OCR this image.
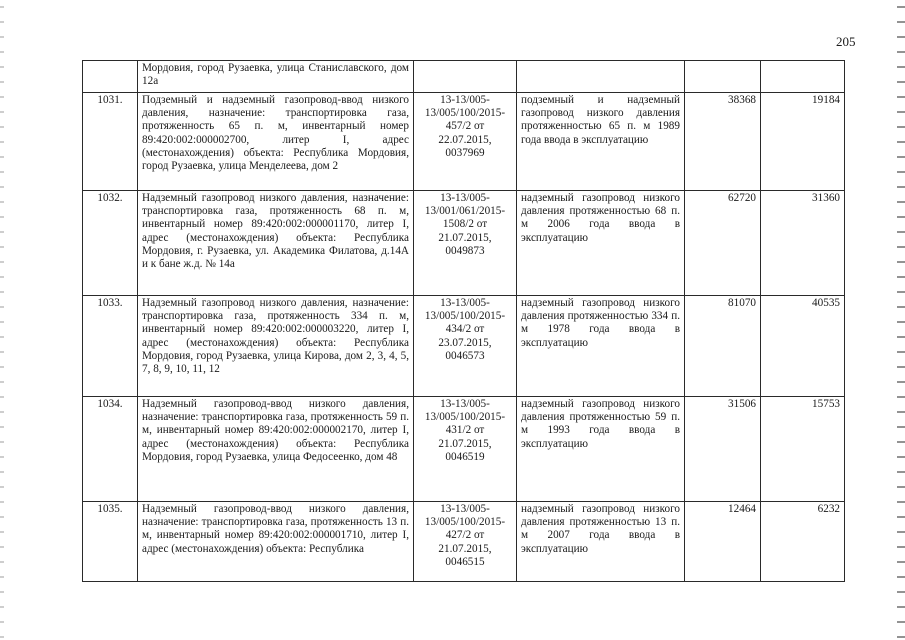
205
	Мордовия, город Рузаевка, улица Станиславского, дом 12а				
1031.	Подземный и надземный газопровод-ввод низкого давления, назначение: транспортировка газа, протяженность 65 п. м, инвентарный номер 89:420:002:000002700, литер I, адрес (местонахождения) объекта: Республика Мордовия, город Рузаевка, улица Менделеева, дом 2	13-13/005-13/005/100/2015-457/2 от 22.07.2015, 0037969	подземный и надземный газопровод низкого давления протяженностью 65 п. м 1989 года ввода в эксплуатацию	38368	19184
1032.	Надземный газопровод низкого давления, назначение: транспортировка газа, протяженность 68 п. м, инвентарный номер 89:420:002:000001170, литер I, адрес (местонахождения) объекта: Республика Мордовия, г. Рузаевка, ул. Академика Филатова, д.14А и к бане ж.д. № 14а	13-13/005-13/001/061/2015-1508/2 от 21.07.2015, 0049873	надземный газопровод низкого давления протяженностью 68 п. м 2006 года ввода в эксплуатацию	62720	31360
1033.	Надземный газопровод низкого давления, назначение: транспортировка газа, протяженность 334 п. м, инвентарный номер 89:420:002:000003220, литер I, адрес (местонахождения) объекта: Республика Мордовия, город Рузаевка, улица Кирова, дом 2, 3, 4, 5, 7, 8, 9, 10, 11, 12	13-13/005-13/005/100/2015-434/2 от 23.07.2015, 0046573	надземный газопровод низкого давления протяженностью 334 п. м 1978 года ввода в эксплуатацию	81070	40535
1034.	Надземный газопровод-ввод низкого давления, назначение: транспортировка газа, протяженность 59 п. м, инвентарный номер 89:420:002:000002170, литер I, адрес (местонахождения) объекта: Республика Мордовия, город Рузаевка, улица Федосеенко, дом 48	13-13/005-13/005/100/2015-431/2 от 21.07.2015, 0046519	надземный газопровод низкого давления протяженностью 59 п. м 1993 года ввода в эксплуатацию	31506	15753
1035.	Надземный газопровод-ввод низкого давления, назначение: транспортировка газа, протяженность 13 п. м, инвентарный номер 89:420:002:000001710, литер I, адрес (местонахождения) объекта: Республика	13-13/005-13/005/100/2015-427/2 от 21.07.2015, 0046515	надземный газопровод низкого давления протяженностью 13 п. м 2007 года ввода в эксплуатацию	12464	6232
